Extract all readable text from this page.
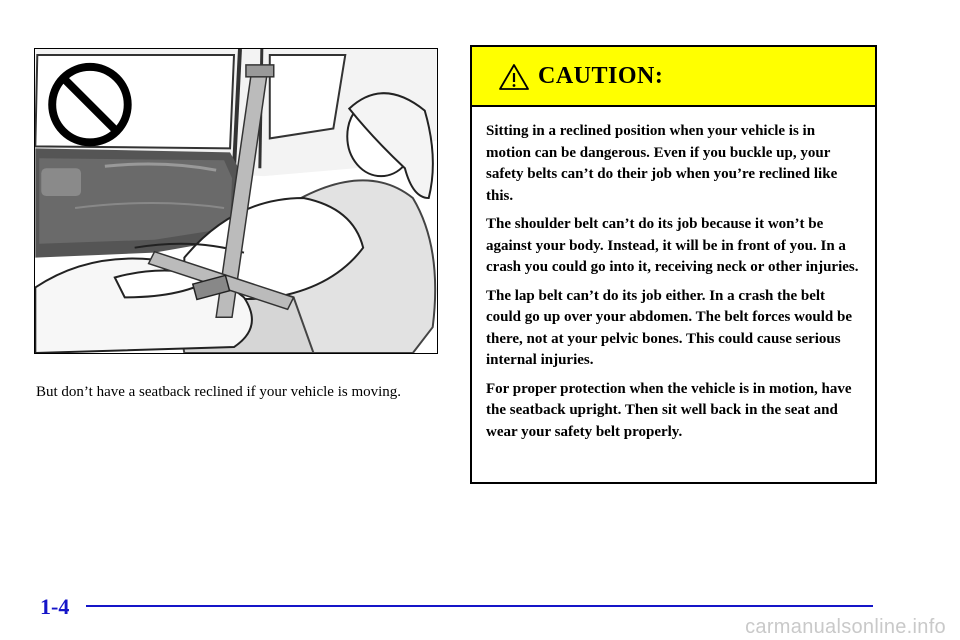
But don’t have a seatback reclined if your vehicle is moving.

CAUTION:

Sitting in a reclined position when your vehicle is in motion can be dangerous. Even if you buckle up, your safety belts can’t do their job when you’re reclined like this.

The shoulder belt can’t do its job because it won’t be against your body. Instead, it will be in front of you. In a crash you could go into it, receiving neck or other injuries.

The lap belt can’t do its job either. In a crash the belt could go up over your abdomen. The belt forces would be there, not at your pelvic bones. This could cause serious internal injuries.

For proper protection when the vehicle is in motion, have the seatback upright. Then sit well back in the seat and wear your safety belt properly.

1-4
carmanualsonline.info
